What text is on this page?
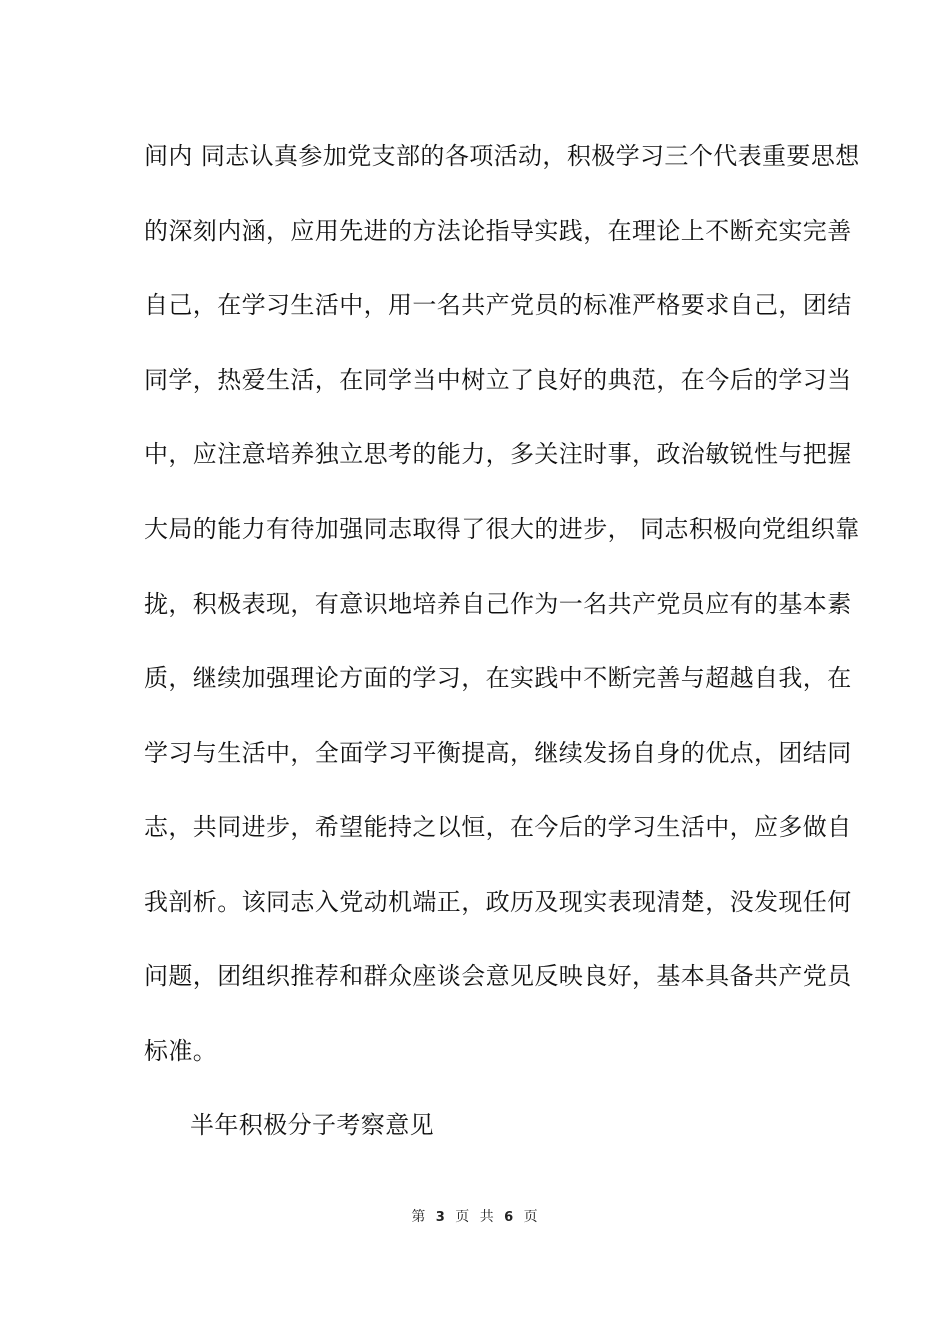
间内 同志认真参加党支部的各项活动，积极学习三个代表重要思想
的深刻内涵，应用先进的方法论指导实践，在理论上不断充实完善
自己，在学习生活中，用一名共产党员的标准严格要求自己，团结
同学，热爱生活，在同学当中树立了良好的典范，在今后的学习当
中，应注意培养独立思考的能力，多关注时事，政治敏锐性与把握
大局的能力有待加强同志取得了很大的进步， 同志积极向党组织靠
拢，积极表现，有意识地培养自己作为一名共产党员应有的基本素
质，继续加强理论方面的学习，在实践中不断完善与超越自我，在
学习与生活中，全面学习平衡提高，继续发扬自身的优点，团结同
志，共同进步，希望能持之以恒，在今后的学习生活中，应多做自
我剖析。该同志入党动机端正，政历及现实表现清楚，没发现任何
问题，团组织推荐和群众座谈会意见反映良好，基本具备共产党员
标准。
半年积极分子考察意见
第 3 页 共 6 页
